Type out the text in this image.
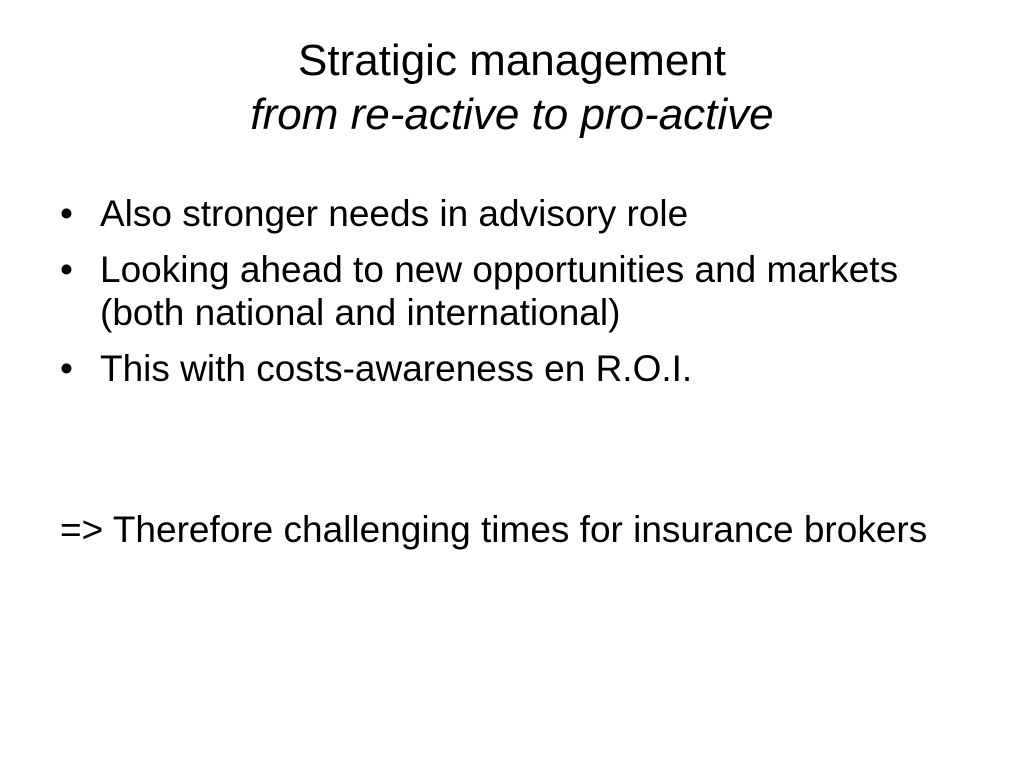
Stratigic management
from re-active to pro-active
• Also stronger needs in advisory role
• Looking ahead to new opportunities and markets (both national and international)
• This with costs-awareness en R.O.I.

=> Therefore challenging times for insurance brokers
